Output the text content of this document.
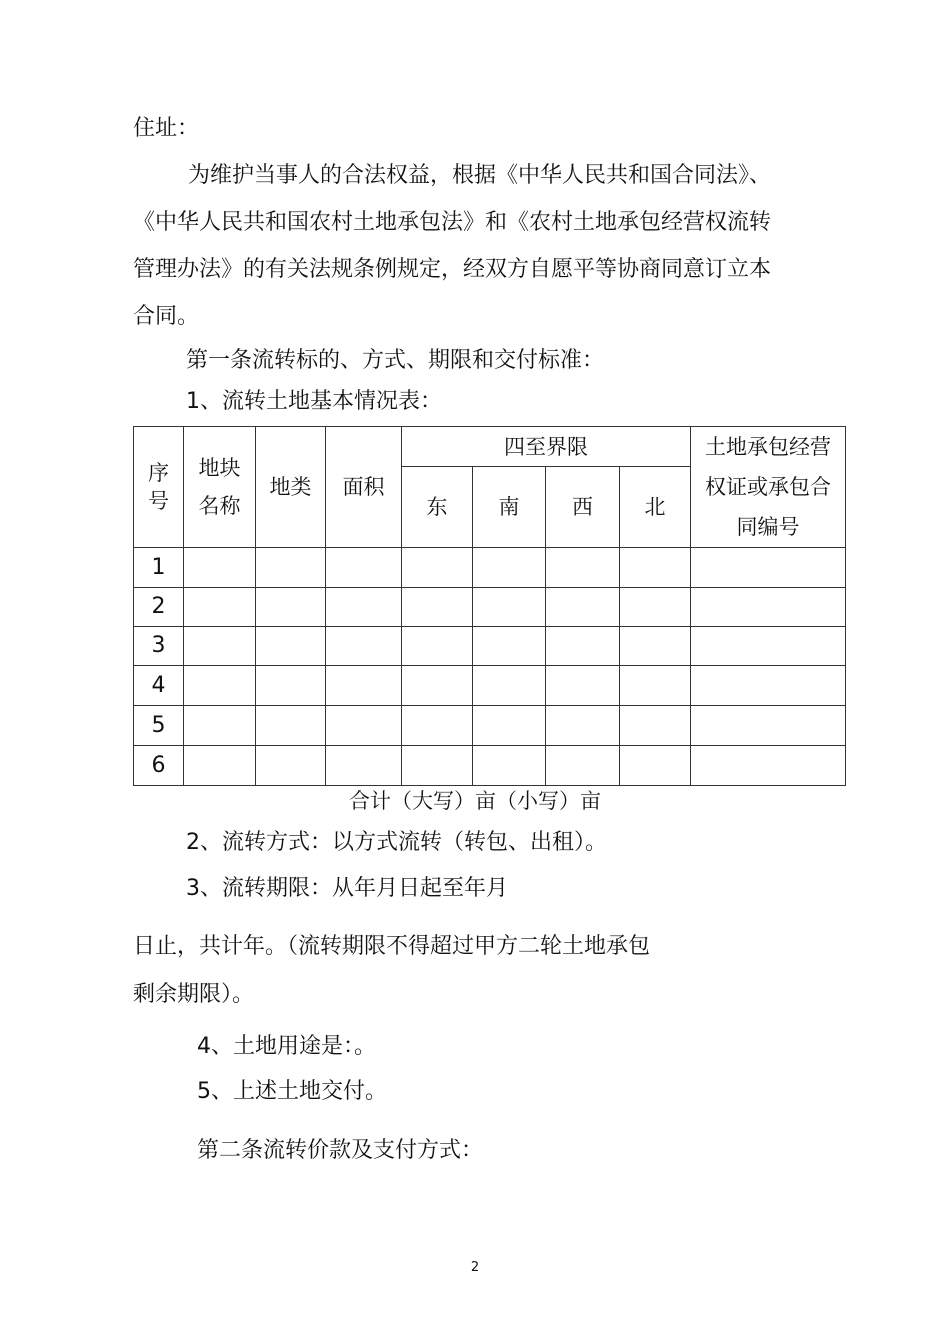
住址：
为维护当事人的合法权益，根据《中华人民共和国合同法》、
《中华人民共和国农村土地承包法》和《农村土地承包经营权流转
管理办法》的有关法规条例规定，经双方自愿平等协商同意订立本
合同。
第一条流转标的、方式、期限和交付标准：
1、流转土地基本情况表：
序号	地块名称	地类	面积	四至界限				土地承包经营权证或承包合同编号
				东	南	西	北	
1								
2								
3								
4								
5								
6								
合计（大写）亩（小写）亩
2、流转方式：以方式流转（转包、出租）。
3、流转期限：从年月日起至年月
日止，共计年。（流转期限不得超过甲方二轮土地承包
剩余期限）。
4、土地用途是：。
5、上述土地交付。
第二条流转价款及支付方式：
2
